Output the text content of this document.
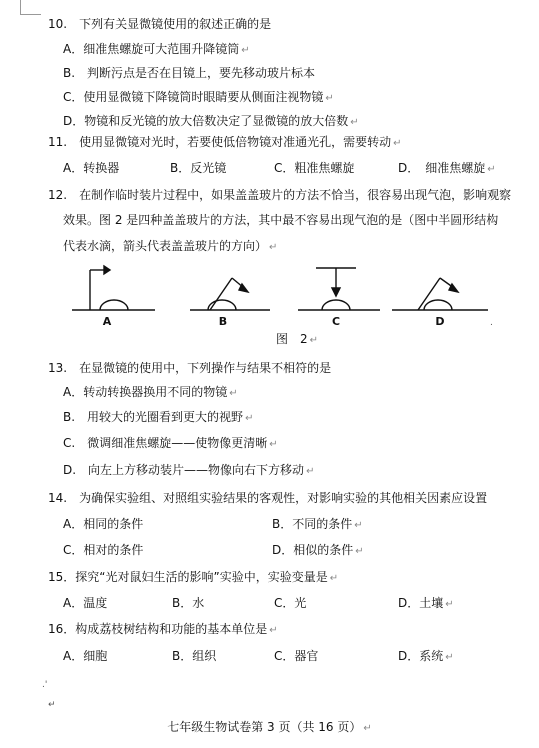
10.　下列有关显微镜使用的叙述正确的是
A．细准焦螺旋可大范围升降镜筒 ↵
B.　判断污点是否在目镜上，要先移动玻片标本
C．使用显微镜下降镜筒时眼睛要从侧面注视物镜 ↵
D．物镜和反光镜的放大倍数决定了显微镜的放大倍数 ↵
11.　使用显微镜对光时，若要使低倍物镜对准通光孔，需要转动 ↵
A．转换器	B．反光镜	C．粗准焦螺旋	D．　细准焦螺旋 ↵
12.　在制作临时装片过程中，如果盖盖玻片的方法不恰当，很容易出现气泡，影响观察
效果。图 2 是四种盖盖玻片的方法，其中最不容易出现气泡的是（图中半圆形结构
代表水滴，箭头代表盖盖玻片的方向） ↵
A	B	C	D
图　2 ↵
.
13.　在显微镜的使用中，下列操作与结果不相符的是
A．转动转换器换用不同的物镜 ↵
B.　用较大的光圈看到更大的视野 ↵
C.　微调细准焦螺旋——使物像更清晰 ↵
D.　向左上方移动装片——物像向右下方移动 ↵
14.　为确保实验组、对照组实验结果的客观性，对影响实验的其他相关因素应设置
A．相同的条件	B．不同的条件 ↵
C．相对的条件	D．相似的条件 ↵
15．探究“光对鼠妇生活的影响”实验中，实验变量是 ↵
A．温度	B．水	C．光	D．土壤 ↵
16．构成荔枝树结构和功能的基本单位是 ↵
A．细胞	B．组织	C．器官	D．系统 ↵
.'
↵
七年级生物试卷第 3 页（共 16 页） ↵
